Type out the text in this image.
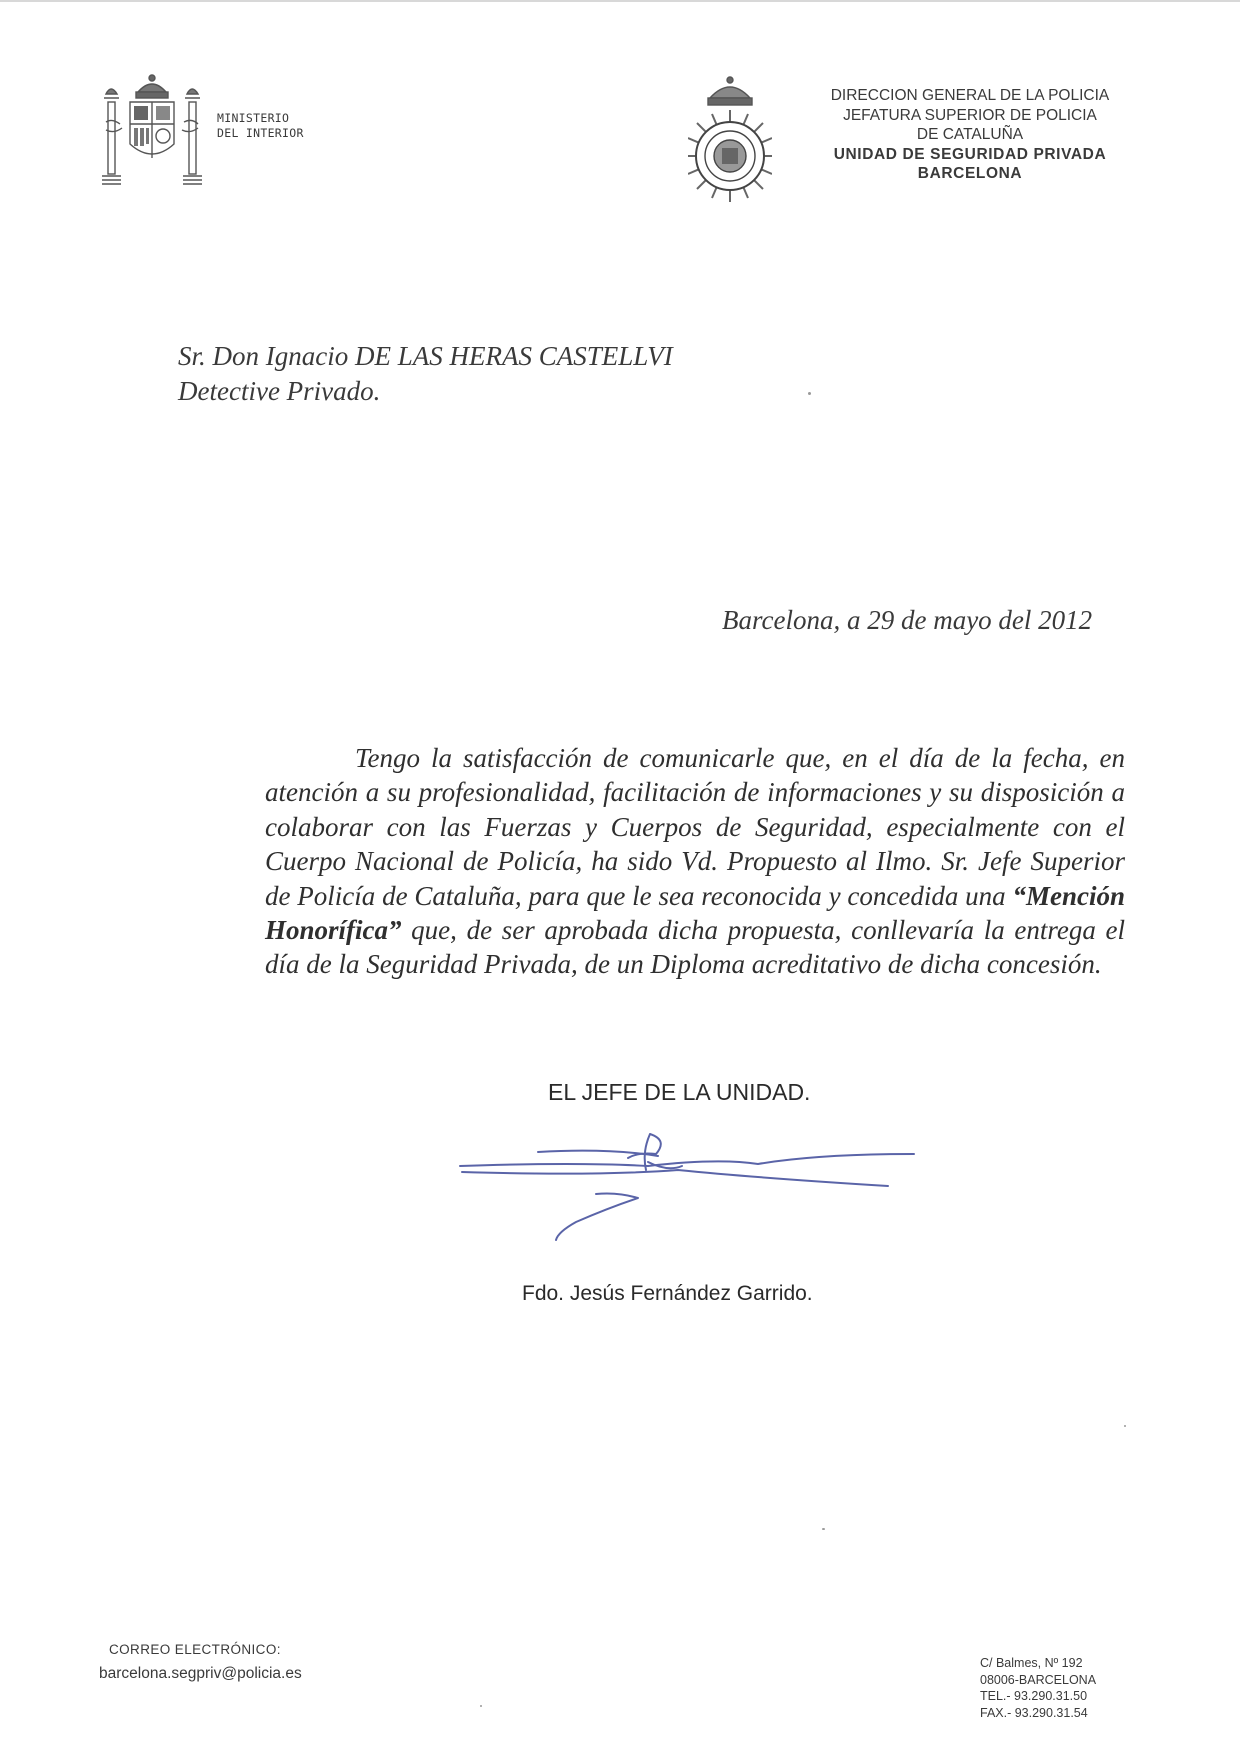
MINISTERIO
DEL INTERIOR
DIRECCION GENERAL DE LA POLICIA
JEFATURA SUPERIOR DE POLICIA
DE CATALUÑA
UNIDAD DE SEGURIDAD PRIVADA
BARCELONA
Sr. Don Ignacio DE LAS HERAS CASTELLVI
Detective Privado.
Barcelona, a 29 de mayo del 2012
Tengo la satisfacción de comunicarle que, en el día de la fecha, en atención a su profesionalidad, facilitación de informaciones y su disposición a colaborar con las Fuerzas y Cuerpos de Seguridad, especialmente con el Cuerpo Nacional de Policía, ha sido Vd. Propuesto al Ilmo. Sr. Jefe Superior de Policía de Cataluña, para que le sea reconocida y concedida una “Mención Honorífica” que, de ser aprobada dicha propuesta, conllevaría la entrega el día de la Seguridad Privada, de un Diploma acreditativo de dicha concesión.
EL JEFE DE LA UNIDAD.
Fdo. Jesús Fernández Garrido.
CORREO ELECTRÓNICO:
barcelona.segpriv@policia.es
C/ Balmes, Nº 192
08006-BARCELONA
TEL.- 93.290.31.50
FAX.- 93.290.31.54
